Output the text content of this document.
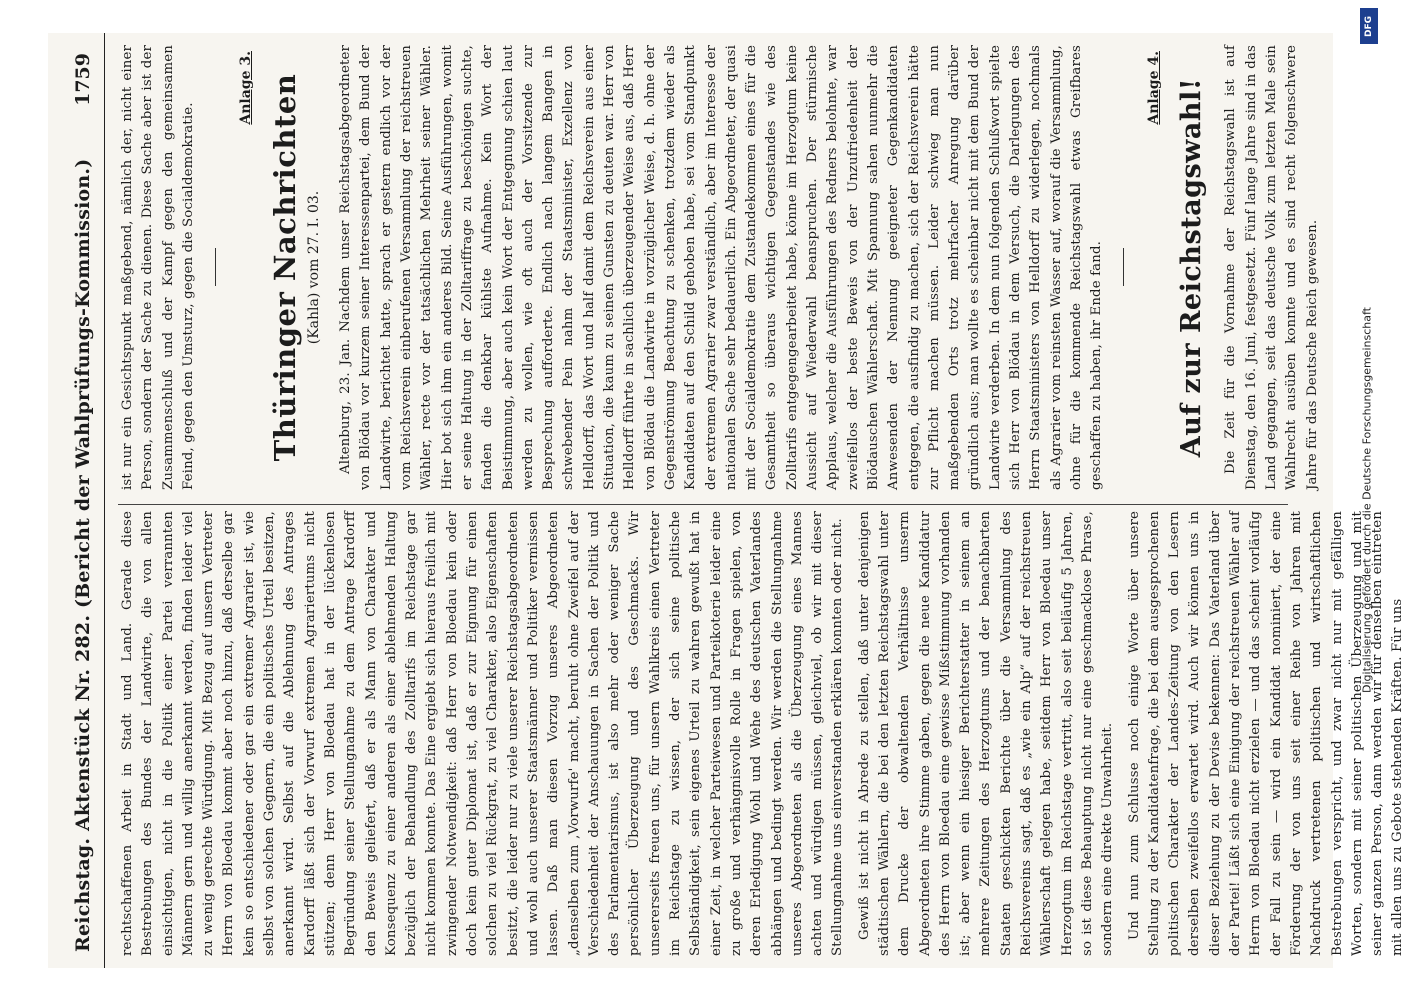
Reichstag. Aktenstück Nr. 282. (Bericht der Wahlprüfungs-Kommission.)
1759

rechtschaffenen Arbeit in Stadt und Land. Gerade diese Bestrebungen des Bundes der Landwirte, die von allen einsichtigen, nicht in die Politik einer Partei verrannten Männern gern und willig anerkannt werden, finden leider viel zu wenig gerechte Würdigung. Mit Bezug auf unsern Vertreter Herrn von Bloedau kommt aber noch hinzu, daß derselbe gar kein so entschiedener oder gar ein extremer Agrarier ist, wie selbst von solchen Gegnern, die ein politisches Urteil besitzen, anerkannt wird. Selbst auf die Ablehnung des Antrages Kardorff läßt sich der Vorwurf extremen Agrariertums nicht stützen; denn Herr von Bloedau hat in der lückenlosen Begründung seiner Stellungnahme zu dem Antrage Kardorff den Beweis geliefert, daß er als Mann von Charakter und Konsequenz zu einer anderen als einer ablehnenden Haltung bezüglich der Behandlung des Zolltarifs im Reichstage gar nicht kommen konnte. Das Eine ergiebt sich hieraus freilich mit zwingender Notwendigkeit: daß Herr von Bloedau kein oder doch kein guter Diplomat ist, daß er zur Eignung für einen solchen zu viel Rückgrat, zu viel Charakter, also Eigenschaften besitzt, die leider nur zu viele unserer Reichstagsabgeordneten und wohl auch unserer Staatsmänner und Politiker vermissen lassen. Daß man diesen Vorzug unseres Abgeordneten „denselben zum ,Vorwurfe' macht, beruht ohne Zweifel auf der Verschiedenheit der Anschauungen in Sachen der Politik und des Parlamentarismus, ist also mehr oder weniger Sache persönlicher Überzeugung und des Geschmacks. Wir unsererseits freuen uns, für unsern Wahlkreis einen Vertreter im Reichstage zu wissen, der sich seine politische Selbständigkeit, sein eigenes Urteil zu wahren gewußt hat in einer Zeit, in welcher Parteiwesen und Parteikoterie leider eine zu große und verhängnisvolle Rolle in Fragen spielen, von deren Erledigung Wohl und Wehe des deutschen Vaterlandes abhängen und bedingt werden. Wir werden die Stellungnahme unseres Abgeordneten als die Überzeugung eines Mannes achten und würdigen müssen, gleichviel, ob wir mit dieser Stellungnahme uns einverstanden erklären konnten oder nicht. Gewiß ist nicht in Abrede zu stellen, daß unter denjenigen städtischen Wählern, die bei den letzten Reichstagswahl unter dem Drucke der obwaltenden Verhältnisse unserm Abgeordneten ihre Stimme gaben, gegen die neue Kandidatur des Herrn von Bloedau eine gewisse Mißstimmung vorhanden ist; aber wenn ein hiesiger Berichterstatter in seinem an mehrere Zeitungen des Herzogtums und der benachbarten Staaten geschickten Berichte über die Versammlung des Reichsvereins sagt, daß es „wie ein Alp“ auf der reichstreuen Wählerschaft gelegen habe, seitdem Herr von Bloedau unser Herzogtum im Reichstage vertritt, also seit beiläufig 5 Jahren, so ist diese Behauptung nicht nur eine geschmacklose Phrase, sondern eine direkte Unwahrheit. Und nun zum Schlusse noch einige Worte über unsere Stellung zu der Kandidatenfrage, die bei dem ausgesprochenen politischen Charakter der Landes-Zeitung von den Lesern derselben zweifellos erwartet wird. Auch wir können uns in dieser Beziehung zu der Devise bekennen: Das Vaterland über der Partei! Läßt sich eine Einigung der reichstreuen Wähler auf Herrn von Bloedau nicht erzielen — und das scheint vorläufig der Fall zu sein — wird ein Kandidat nominiert, der eine Förderung der von uns seit einer Reihe von Jahren mit Nachdruck vertretenen politischen und wirtschaftlichen Bestrebungen verspricht, und zwar nicht nur mit gefälligen Worten, sondern mit seiner politischen Überzeugung und mit seiner ganzen Person, dann werden wir für denselben eintreten mit allen uns zu Gebote stehenden Kräften. Für uns

ist nur ein Gesichtspunkt maßgebend, nämlich der, nicht einer Person, sondern der Sache zu dienen. Diese Sache aber ist der Zusammenschluß und der Kampf gegen den gemeinsamen Feind, gegen den Umsturz, gegen die Socialdemokratie.

Anlage 3. Thüringer Nachrichten (Kahla) vom 27. I. 03. Altenburg, 23. Jan. Nachdem unser Reichstagsabgeordneter von Blödau vor kurzem seiner Interessenpartei, dem Bund der Landwirte, berichtet hatte, sprach er gestern endlich vor der vom Reichsverein einberufenen Versammlung der reichstreuen Wähler, recte vor der tatsächlichen Mehrheit seiner Wähler. Hier bot sich ihm ein anderes Bild. Seine Ausführungen, womit er seine Haltung in der Zolltariffrage zu beschönigen suchte, fanden die denkbar kühlste Aufnahme. Kein Wort der Beistimmung, aber auch kein Wort der Entgegnung schien laut werden zu wollen, wie oft auch der Vorsitzende zur Besprechung aufforderte. Endlich nach langem Bangen in schwebender Pein nahm der Staatsminister, Exzellenz von Helldorff, das Wort und half damit dem Reichsverein aus einer Situation, die kaum zu seinen Gunsten zu deuten war. Herr von Helldorff führte in sachlich überzeugender Weise aus, daß Herr von Blödau die Landwirte in vorzüglicher Weise, d. h. ohne der Gegenströmung Beachtung zu schenken, trotzdem wieder als Kandidaten auf den Schild gehoben habe, sei vom Standpunkt der extremen Agrarier zwar verständlich, aber im Interesse der nationalen Sache sehr bedauerlich. Ein Abgeordneter, der quasi mit der Socialdemokratie dem Zustandekommen eines für die Gesamtheit so überaus wichtigen Gegenstandes wie des Zolltarifs entgegengearbeitet habe, könne im Herzogtum keine Aussicht auf Wiederwahl beanspruchen. Der stürmische Applaus, welcher die Ausführungen des Redners belohnte, war zweifellos der beste Beweis von der Unzufriedenheit der Blödauschen Wählerschaft. Mit Spannung sahen nunmehr die Anwesenden der Nennung geeigneter Gegenkandidaten entgegen, die ausfindig zu machen, sich der Reichsverein hätte zur Pflicht machen müssen. Leider schwieg man nun maßgebenden Orts trotz mehrfacher Anregung darüber gründlich aus; man wollte es scheinbar nicht mit dem Bund der Landwirte verderben. In dem nun folgenden Schlußwort spielte sich Herr von Blödau in dem Versuch, die Darlegungen des Herrn Staatsministers von Helldorff zu widerlegen, nochmals als Agrarier vom reinsten Wasser auf, worauf die Versammlung, ohne für die kommende Reichstagswahl etwas Greifbares geschaffen zu haben, ihr Ende fand.

Anlage 4. Auf zur Reichstagswahl! Die Zeit für die Vornahme der Reichstagswahl ist auf Dienstag, den 16. Juni, festgesetzt. Fünf lange Jahre sind in das Land gegangen, seit das deutsche Volk zum letzten Male sein Wahlrecht ausüben konnte und es sind recht folgenschwere Jahre für das Deutsche Reich gewesen.	Digitalisierung gefördert durch die Deutsche Forschungsgemeinschaft
DFG
